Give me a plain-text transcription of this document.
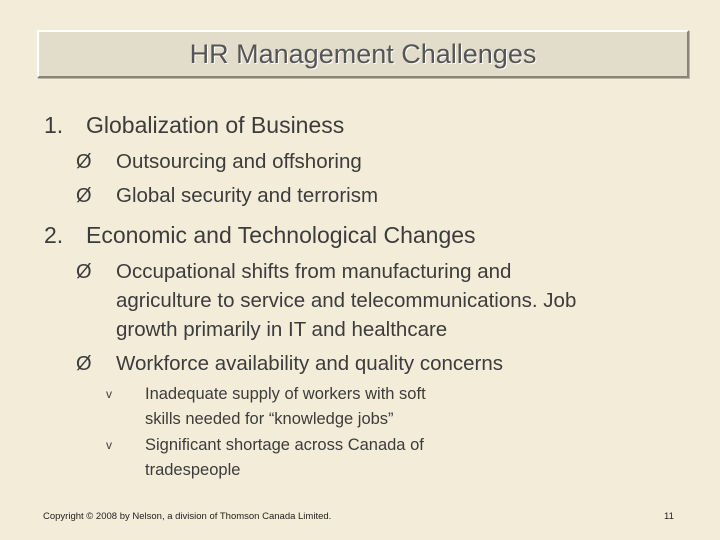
HR Management Challenges
1. Globalization of Business
Ø Outsourcing and offshoring
Ø Global security and terrorism
2. Economic and Technological Changes
Ø Occupational shifts from manufacturing and
agriculture to service and telecommunications. Job
growth primarily in IT and healthcare
Ø Workforce availability and quality concerns
v Inadequate supply of workers with soft
skills needed for “knowledge jobs”
v Significant shortage across Canada of
tradespeople
Copyright © 2008 by Nelson, a division of Thomson Canada Limited.	11
